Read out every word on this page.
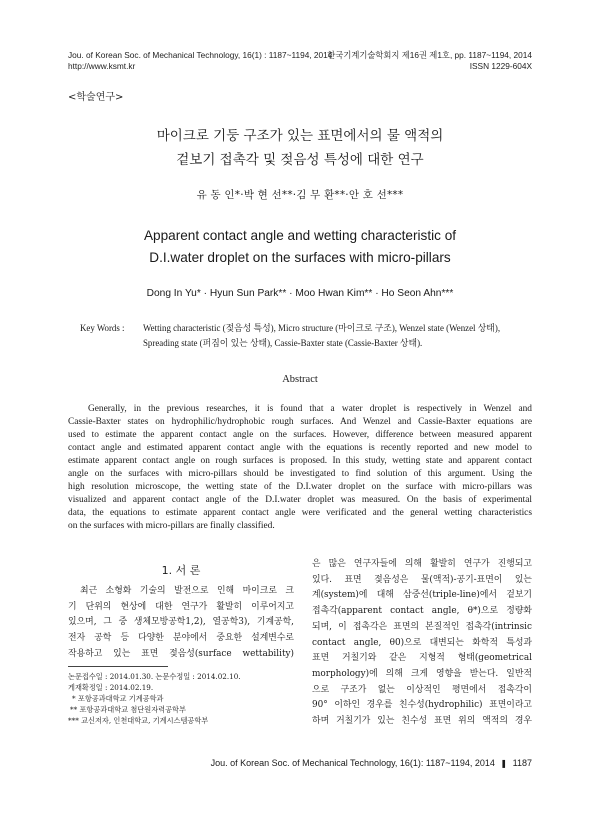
Jou. of Korean Soc. of Mechanical Technology, 16(1) : 1187~1194, 2014
http://www.ksmt.kr
한국기계기술학회지 제16권 제1호, pp. 1187~1194, 2014
ISSN 1229-604X
<학술연구>
마이크로 기둥 구조가 있는 표면에서의 물 액적의
겉보기 접촉각 및 젖음성 특성에 대한 연구
유 동 인*·박 현 선**·김 무 환**·안 호 선***
Apparent contact angle and wetting characteristic of
D.I.water droplet on the surfaces with micro-pillars
Dong In Yu* · Hyun Sun Park** · Moo Hwan Kim** · Ho Seon Ahn***
Key Words : Wetting characteristic (젖음성 특성), Micro structure (마이크로 구조), Wenzel state (Wenzel 상태),
Spreading state (퍼짐이 있는 상태), Cassie-Baxter state (Cassie-Baxter 상태).
Abstract
Generally, in the previous researches, it is found that a water droplet is respectively in Wenzel and
Cassie-Baxter states on hydrophilic/hydrophobic rough surfaces. And Wenzel and Cassie-Baxter equations are
used to estimate the apparent contact angle on the surfaces. However, difference between measured apparent
contact angle and estimated apparent contact angle with the equations is recently reported and new model to
estimate apparent contact angle on rough surfaces is proposed. In this study, wetting state and apparent contact
angle on the surfaces with micro-pillars should be investigated to find solution of this argument. Using the
high resolution microscope, the wetting state of the D.I.water droplet on the surface with micro-pillars was
visualized and apparent contact angle of the D.I.water droplet was measured. On the basis of experimental
data, the equations to estimate apparent contact angle were verificated and the general wetting characteristics
on the surfaces with micro-pillars are finally classified.
1. 서 론
최근 소형화 기술의 발전으로 인해 마이크로 크
기 단위의 현상에 대한 연구가 활발히 이루어지고
있으며, 그 중 생체모방공학1,2), 열공학3), 기계공학,
전자 공학 등 다양한 분야에서 중요한 설계변수로
작용하고 있는 표면 젖음성(surface wettability)
논문접수일 : 2014.01.30. 논문수정일 : 2014.02.10.
게재확정일 : 2014.02.19.
* 포항공과대학교 기계공학과
** 포항공과대학교 첨단원자력공학부
*** 교신저자, 인천대학교, 기계시스템공학부
은 많은 연구자들에 의해 활발히 연구가 진행되고
있다. 표면 젖음성은 물(액적)-공기-표면이 있는
계(system)에 대해 삼중선(triple-line)에서 겉보기
접촉각(apparent contact angle, θ*)으로 정량화
되며, 이 접촉각은 표면의 본질적인 접촉각(intrinsic
contact angle, θ0)으로 대변되는 화학적 특성과
표면 거칠기와 같은 지형적 형태(geometrical
morphology)에 의해 크게 영향을 받는다. 일반적
으로 구조가 없는 이상적인 평면에서 접촉각이
90° 이하인 경우를 친수성(hydrophilic) 표면이라고
하며 거칠기가 있는 친수성 표면 위의 액적의 경우
Jou. of Korean Soc. of Mechanical Technology, 16(1): 1187~1194, 2014 ❚ 1187
